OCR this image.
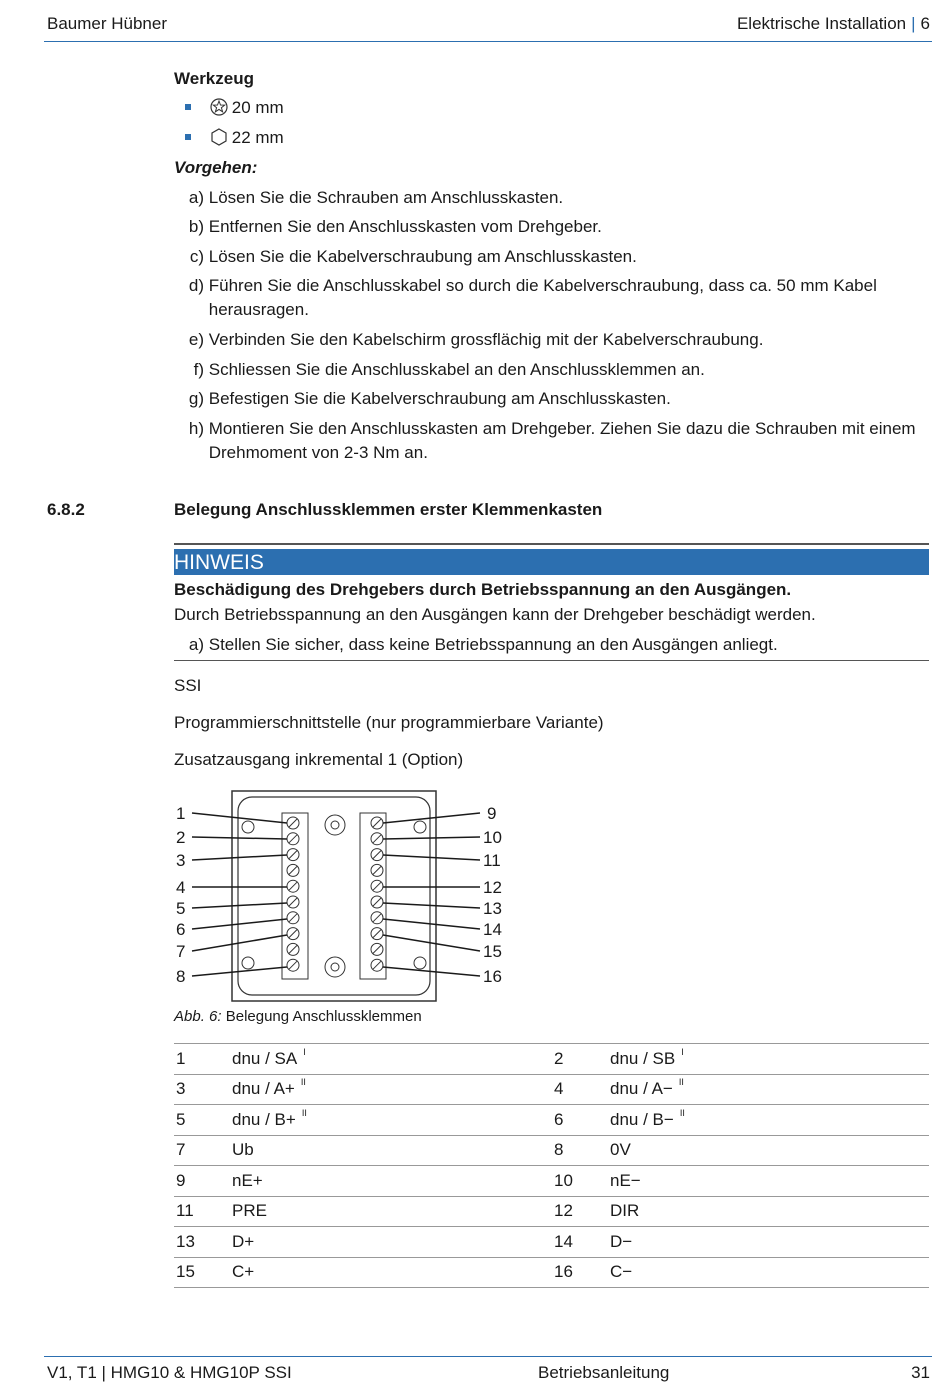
Baumer Hübner	Elektrische Installation | 6
Werkzeug
20 mm
22 mm
Vorgehen:
a) Lösen Sie die Schrauben am Anschlusskasten.
b) Entfernen Sie den Anschlusskasten vom Drehgeber.
c) Lösen Sie die Kabelverschraubung am Anschlusskasten.
d) Führen Sie die Anschlusskabel so durch die Kabelverschraubung, dass ca. 50 mm Kabel herausragen.
e) Verbinden Sie den Kabelschirm grossflächig mit der Kabelverschraubung.
f) Schliessen Sie die Anschlusskabel an den Anschlussklemmen an.
g) Befestigen Sie die Kabelverschraubung am Anschlusskasten.
h) Montieren Sie den Anschlusskasten am Drehgeber. Ziehen Sie dazu die Schrauben mit einem Drehmoment von 2-3 Nm an.
6.8.2	Belegung Anschlussklemmen erster Klemmenkasten
HINWEIS
Beschädigung des Drehgebers durch Betriebsspannung an den Ausgängen.
Durch Betriebsspannung an den Ausgängen kann der Drehgeber beschädigt werden.
a) Stellen Sie sicher, dass keine Betriebsspannung an den Ausgängen anliegt.
SSI
Programmierschnittstelle (nur programmierbare Variante)
Zusatzausgang inkremental 1 (Option)
1
2
3
4
5
6
7
8
9
10
11
12
13
14
15
16
Abb. 6: Belegung Anschlussklemmen
1	dnu / SA $^I$	2	dnu / SB $^I$
3	dnu / A+ $^{II}$	4	dnu / A− $^{II}$
5	dnu / B+ $^{II}$	6	dnu / B− $^{II}$
7	Ub	8	0V
9	nE+	10	nE−
11	PRE	12	DIR
13	D+	14	D−
15	C+	16	C−
V1, T1 | HMG10 & HMG10P SSI	Betriebsanleitung	31
